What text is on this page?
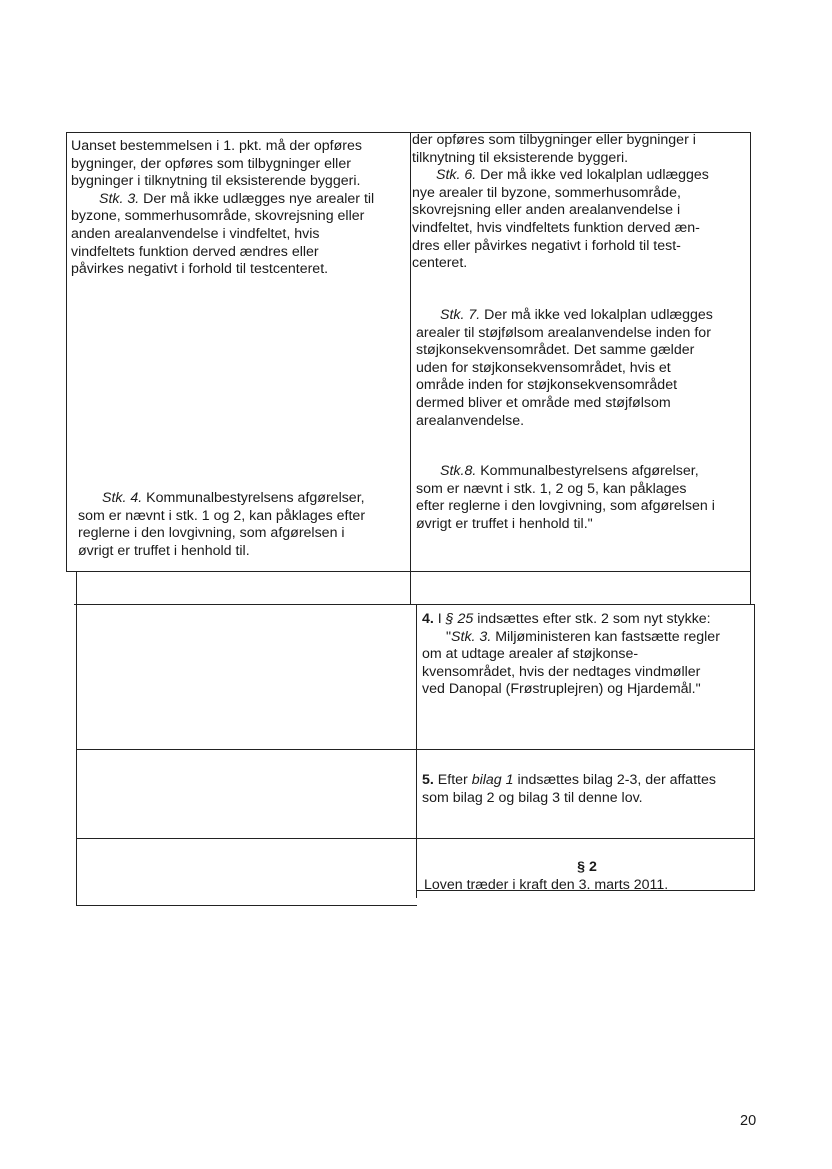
Uanset bestemmelsen i 1. pkt. må der opføres
bygninger, der opføres som tilbygninger eller
bygninger i tilknytning til eksisterende byggeri.

Stk. 3. Der må ikke udlægges nye arealer til

byzone, sommerhusområde, skovrejsning eller
anden arealanvendelse i vindfeltet, hvis
vindfeltets funktion derved ændres eller
påvirkes negativt i forhold til testcenteret.

Stk. 4. Kommunalbestyrelsens afgørelser,

som er nævnt i stk. 1 og 2, kan påklages efter
reglerne i den lovgivning, som afgørelsen i
øvrigt er truffet i henhold til.

der opføres som tilbygninger eller bygninger i
tilknytning til eksisterende byggeri.

Stk. 6. Der må ikke ved lokalplan udlægges

nye arealer til byzone, sommerhusområde,
skovrejsning eller anden arealanvendelse i
vindfeltet, hvis vindfeltets funktion derved æn-
dres eller påvirkes negativt i forhold til test-
centeret.

Stk. 7. Der må ikke ved lokalplan udlægges

arealer til støjfølsom arealanvendelse inden for
støjkonsekvensområdet. Det samme gælder
uden for støjkonsekvensområdet, hvis et
område inden for støjkonsekvensområdet
dermed bliver et område med støjfølsom
arealanvendelse.

Stk.8. Kommunalbestyrelsens afgørelser,

som er nævnt i stk. 1, 2 og 5, kan påklages
efter reglerne i den lovgivning, som afgørelsen i
øvrigt er truffet i henhold til."

4. I § 25 indsættes efter stk. 2 som nyt stykke:

"Stk. 3. Miljøministeren kan fastsætte regler

om at udtage arealer af støjkonse-
kvensområdet, hvis der nedtages vindmøller
ved Danopal (Frøstruplejren) og Hjardemål."

5. Efter bilag 1 indsættes bilag 2-3, der affattes

som bilag 2 og bilag 3 til denne lov.

§ 2

Loven træder i kraft den 3. marts 2011.

20
